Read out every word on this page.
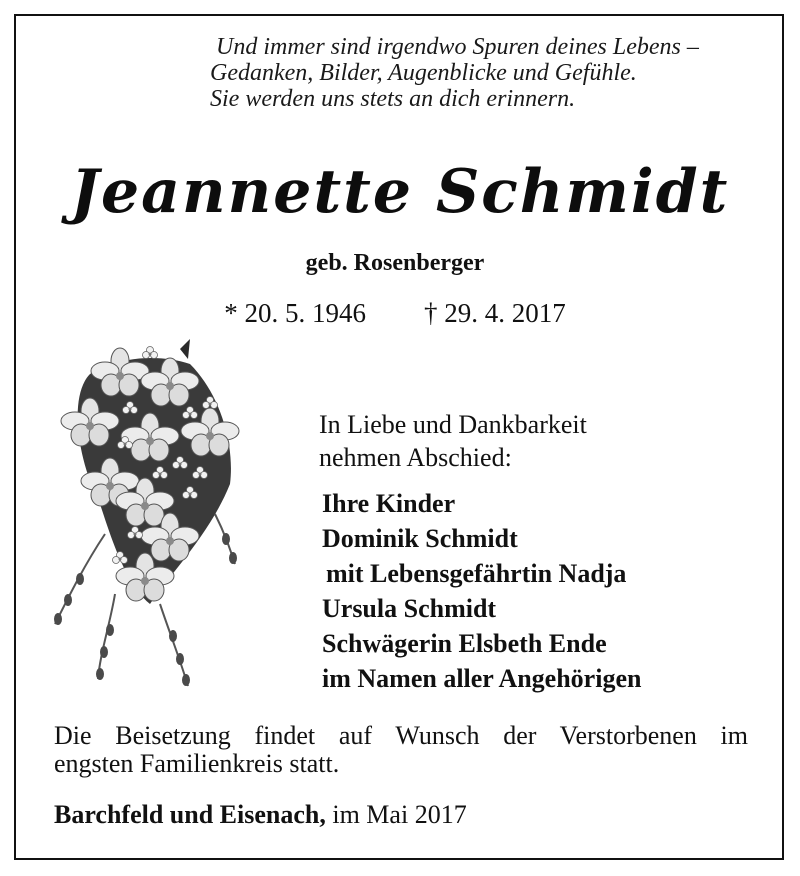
Und immer sind irgendwo Spuren deines Lebens –
Gedanken, Bilder, Augenblicke und Gefühle.
Sie werden uns stets an dich erinnern.
Jeannette Schmidt
geb. Rosenberger
* 20. 5. 1946 † 29. 4. 2017
In Liebe und Dankbarkeit
nehmen Abschied:
Ihre Kinder
Dominik Schmidt
mit Lebensgefährtin Nadja
Ursula Schmidt
Schwägerin Elsbeth Ende
im Namen aller Angehörigen
Die Beisetzung findet auf Wunsch der Verstorbenen im
engsten Familienkreis statt.
Barchfeld und Eisenach, im Mai 2017
